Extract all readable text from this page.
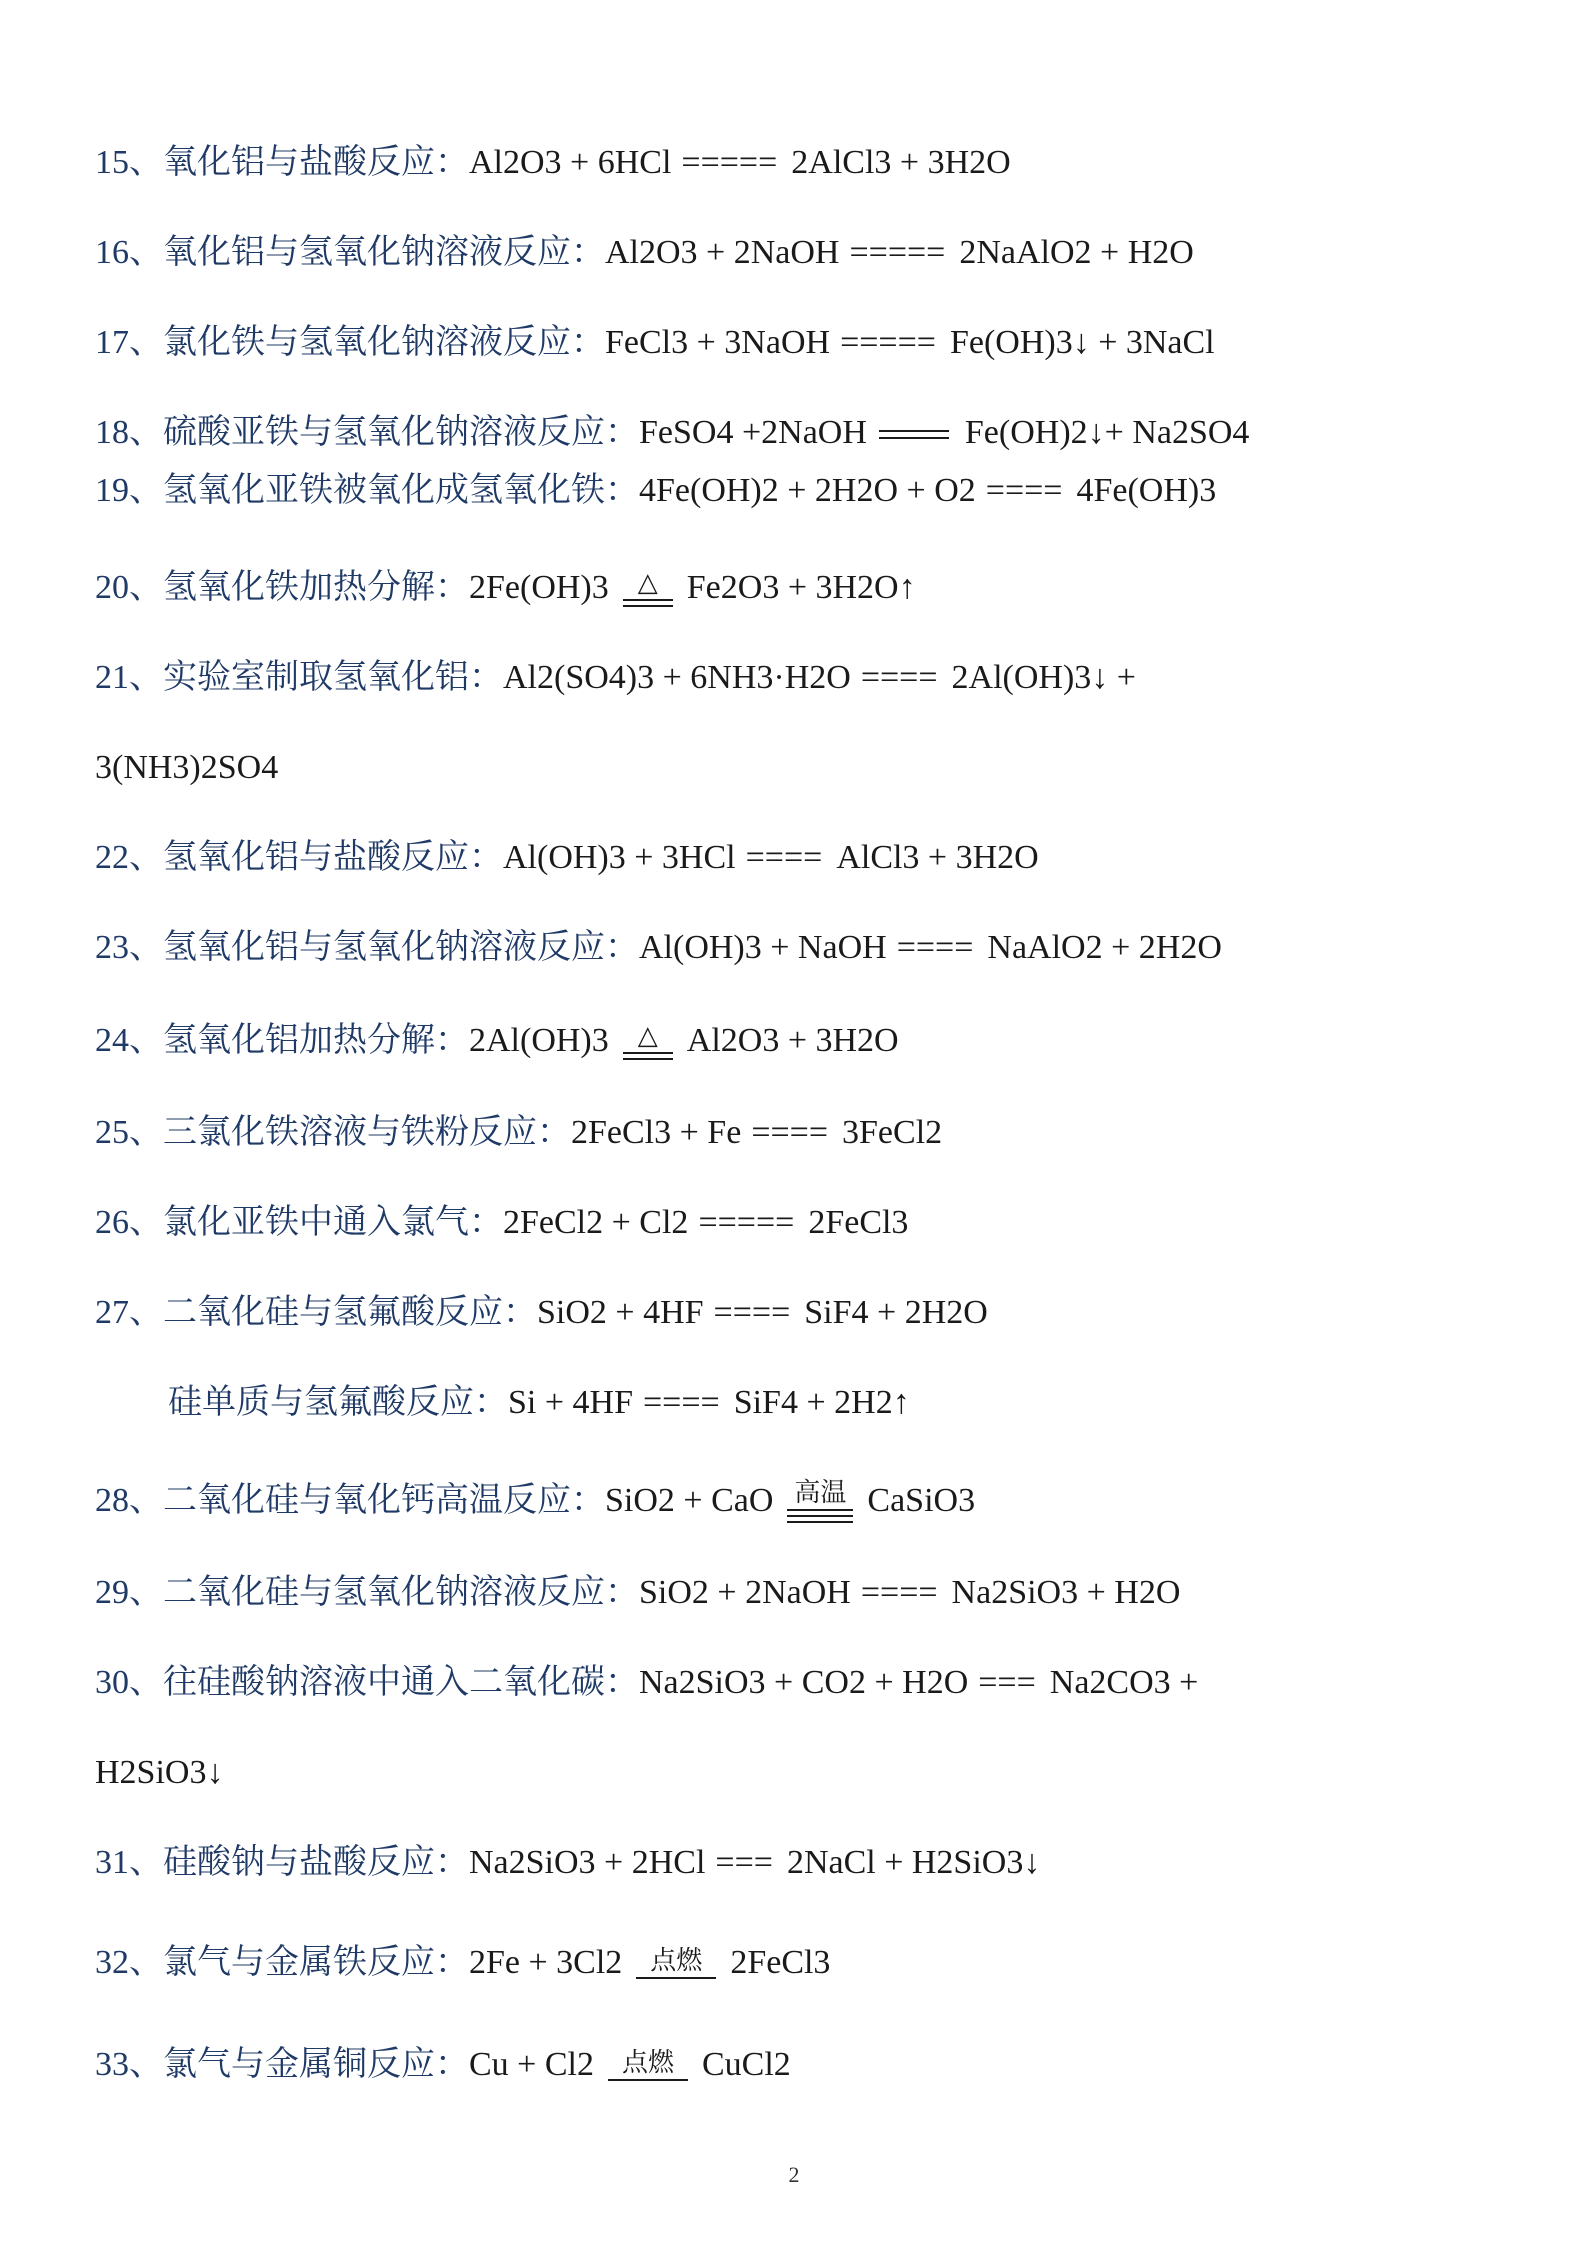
15、氧化铝与盐酸反应：Al2O3 + 6HCl ===== 2AlCl3 + 3H2O
16、氧化铝与氢氧化钠溶液反应：Al2O3 + 2NaOH ===== 2NaAlO2 + H2O
17、氯化铁与氢氧化钠溶液反应：FeCl3 + 3NaOH ===== Fe(OH)3↓ + 3NaCl
18、硫酸亚铁与氢氧化钠溶液反应：FeSO4 +2NaOH	Fe(OH)2↓+ Na2SO4
19、氢氧化亚铁被氧化成氢氧化铁：4Fe(OH)2 + 2H2O + O2 ==== 4Fe(OH)3
20、氢氧化铁加热分解：2Fe(OH)3 △ Fe2O3 + 3H2O↑
21、实验室制取氢氧化铝：Al2(SO4)3 + 6NH3·H2O ==== 2Al(OH)3↓ +
3(NH3)2SO4
22、氢氧化铝与盐酸反应：Al(OH)3 + 3HCl ==== AlCl3 + 3H2O
23、氢氧化铝与氢氧化钠溶液反应：Al(OH)3 + NaOH ==== NaAlO2 + 2H2O
24、氢氧化铝加热分解：2Al(OH)3 △ Al2O3 + 3H2O
25、三氯化铁溶液与铁粉反应：2FeCl3 + Fe ==== 3FeCl2
26、氯化亚铁中通入氯气：2FeCl2 + Cl2 ===== 2FeCl3
27、二氧化硅与氢氟酸反应：SiO2 + 4HF ==== SiF4 + 2H2O
硅单质与氢氟酸反应：Si + 4HF ==== SiF4 + 2H2↑
28、二氧化硅与氧化钙高温反应：SiO2 + CaO 高温 CaSiO3
29、二氧化硅与氢氧化钠溶液反应：SiO2 + 2NaOH ==== Na2SiO3 + H2O
30、往硅酸钠溶液中通入二氧化碳：Na2SiO3 + CO2 + H2O === Na2CO3 +
H2SiO3↓
31、硅酸钠与盐酸反应：Na2SiO3 + 2HCl === 2NaCl + H2SiO3↓
32、氯气与金属铁反应：2Fe + 3Cl2 点燃 2FeCl3
33、氯气与金属铜反应：Cu + Cl2 点燃 CuCl2
2
